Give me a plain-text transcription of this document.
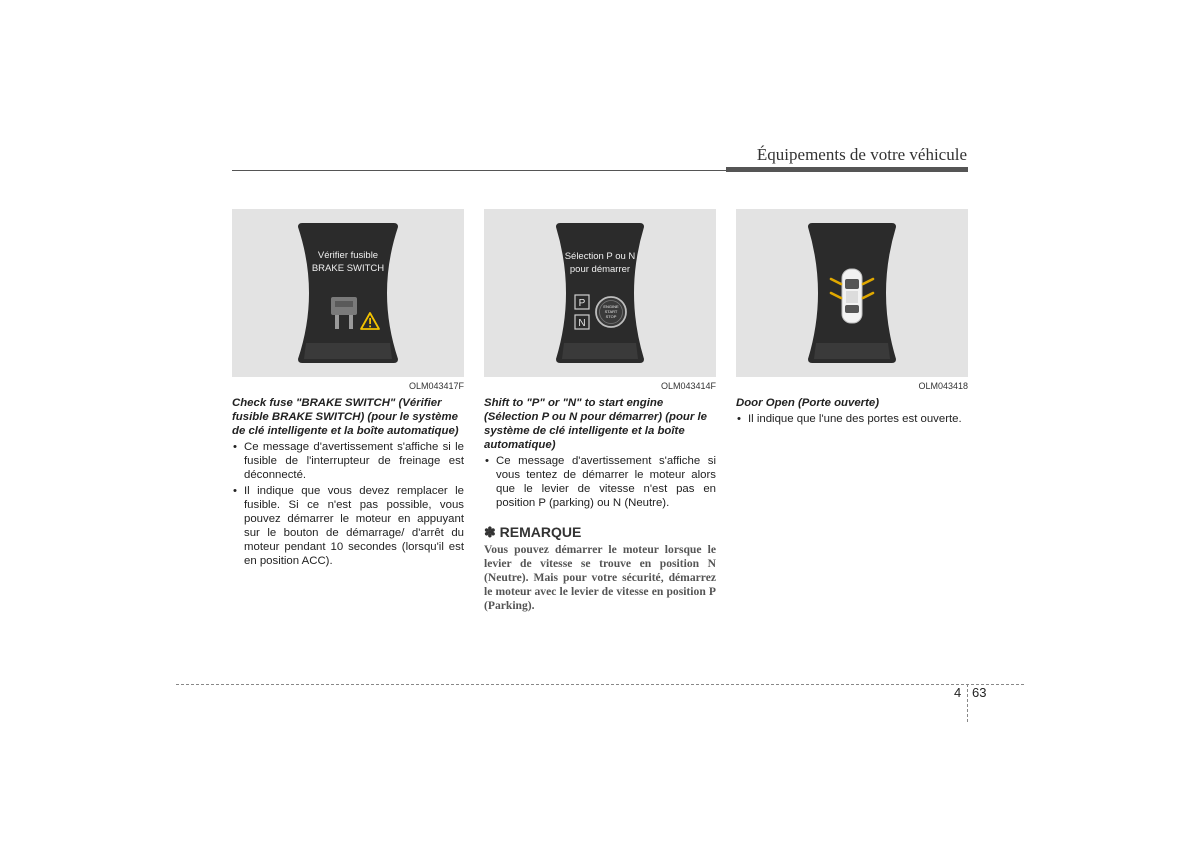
Équipements de votre véhicule
Vérifier fusible
BRAKE SWITCH
OLM043417F
Check fuse "BRAKE SWITCH" (Vérifier fusible BRAKE SWITCH) (pour le système de clé intelligente et la boîte automatique)
• Ce message d'avertissement s'affiche si le fusible de l'interrupteur de freinage est déconnecté.
• Il indique que vous devez remplacer le fusible. Si ce n'est pas possible, vous pouvez démarrer le moteur en appuyant sur le bouton de démarrage/ d'arrêt du moteur pendant 10 secondes (lorsqu'il est en position ACC).
Sélection P ou N
pour démarrer
P
N
ENGINE
START
STOP
OLM043414F
Shift to "P" or "N" to start engine (Sélection P ou N pour démarrer) (pour le système de clé intelligente et la boîte automatique)
• Ce message d'avertissement s'affiche si vous tentez de démarrer le moteur alors que le levier de vitesse n'est pas en position P (parking) ou N (Neutre).
✽ REMARQUE
Vous pouvez démarrer le moteur lorsque le levier de vitesse se trouve en position N (Neutre). Mais pour votre sécurité, démarrez le moteur avec le levier de vitesse en position P (Parking).
OLM043418
Door Open (Porte ouverte)
• Il indique que l'une des portes est ouverte.
4 63
